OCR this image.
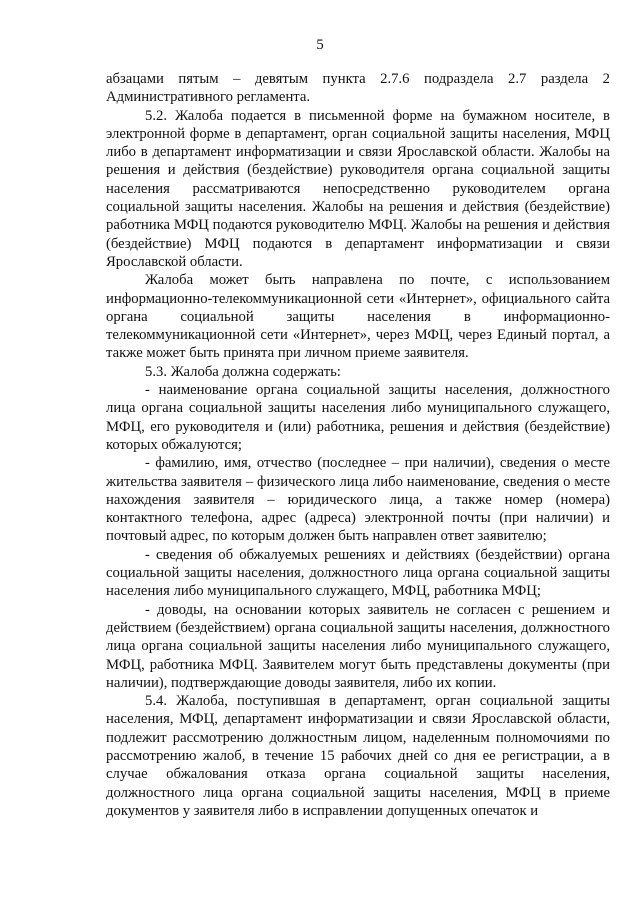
5

абзацами пятым – девятым пункта 2.7.6 подраздела 2.7 раздела 2 Административного регламента.

5.2. Жалоба подается в письменной форме на бумажном носителе, в электронной форме в департамент, орган социальной защиты населения, МФЦ либо в департамент информатизации и связи Ярославской области. Жалобы на решения и действия (бездействие) руководителя органа социальной защиты населения рассматриваются непосредственно руководителем органа социальной защиты населения. Жалобы на решения и действия (бездействие) работника МФЦ подаются руководителю МФЦ. Жалобы на решения и действия (бездействие) МФЦ подаются в департамент информатизации и связи Ярославской области.

Жалоба может быть направлена по почте, с использованием информационно-телекоммуникационной сети «Интернет», официального сайта органа социальной защиты населения в информационно-телекоммуникационной сети «Интернет», через МФЦ, через Единый портал, а также может быть принята при личном приеме заявителя.

5.3. Жалоба должна содержать:

- наименование органа социальной защиты населения, должностного лица органа социальной защиты населения либо муниципального служащего, МФЦ, его руководителя и (или) работника, решения и действия (бездействие) которых обжалуются;

- фамилию, имя, отчество (последнее – при наличии), сведения о месте жительства заявителя – физического лица либо наименование, сведения о месте нахождения заявителя – юридического лица, а также номер (номера) контактного телефона, адрес (адреса) электронной почты (при наличии) и почтовый адрес, по которым должен быть направлен ответ заявителю;

- сведения об обжалуемых решениях и действиях (бездействии) органа социальной защиты населения, должностного лица органа социальной защиты населения либо муниципального служащего, МФЦ, работника МФЦ;

- доводы, на основании которых заявитель не согласен с решением и действием (бездействием) органа социальной защиты населения, должностного лица органа социальной защиты населения либо муниципального служащего, МФЦ, работника МФЦ. Заявителем могут быть представлены документы (при наличии), подтверждающие доводы заявителя, либо их копии.

5.4. Жалоба, поступившая в департамент, орган социальной защиты населения, МФЦ, департамент информатизации и связи Ярославской области, подлежит рассмотрению должностным лицом, наделенным полномочиями по рассмотрению жалоб, в течение 15 рабочих дней со дня ее регистрации, а в случае обжалования отказа органа социальной защиты населения, должностного лица органа социальной защиты населения, МФЦ в приеме документов у заявителя либо в исправлении допущенных опечаток и
